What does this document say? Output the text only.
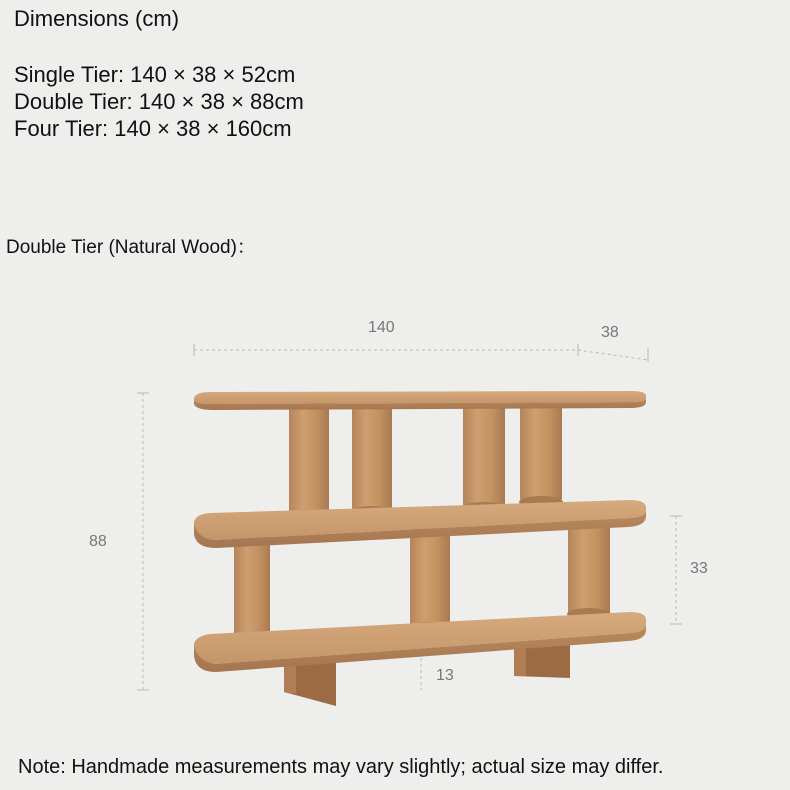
Dimensions (cm)
Single Tier: 140 × 38 × 52cm
Double Tier: 140 × 38 × 88cm
Four Tier: 140 × 38 × 160cm
Double Tier (Natural Wood)：
140	38
88
33
13
Note: Handmade measurements may vary slightly; actual size may differ.
